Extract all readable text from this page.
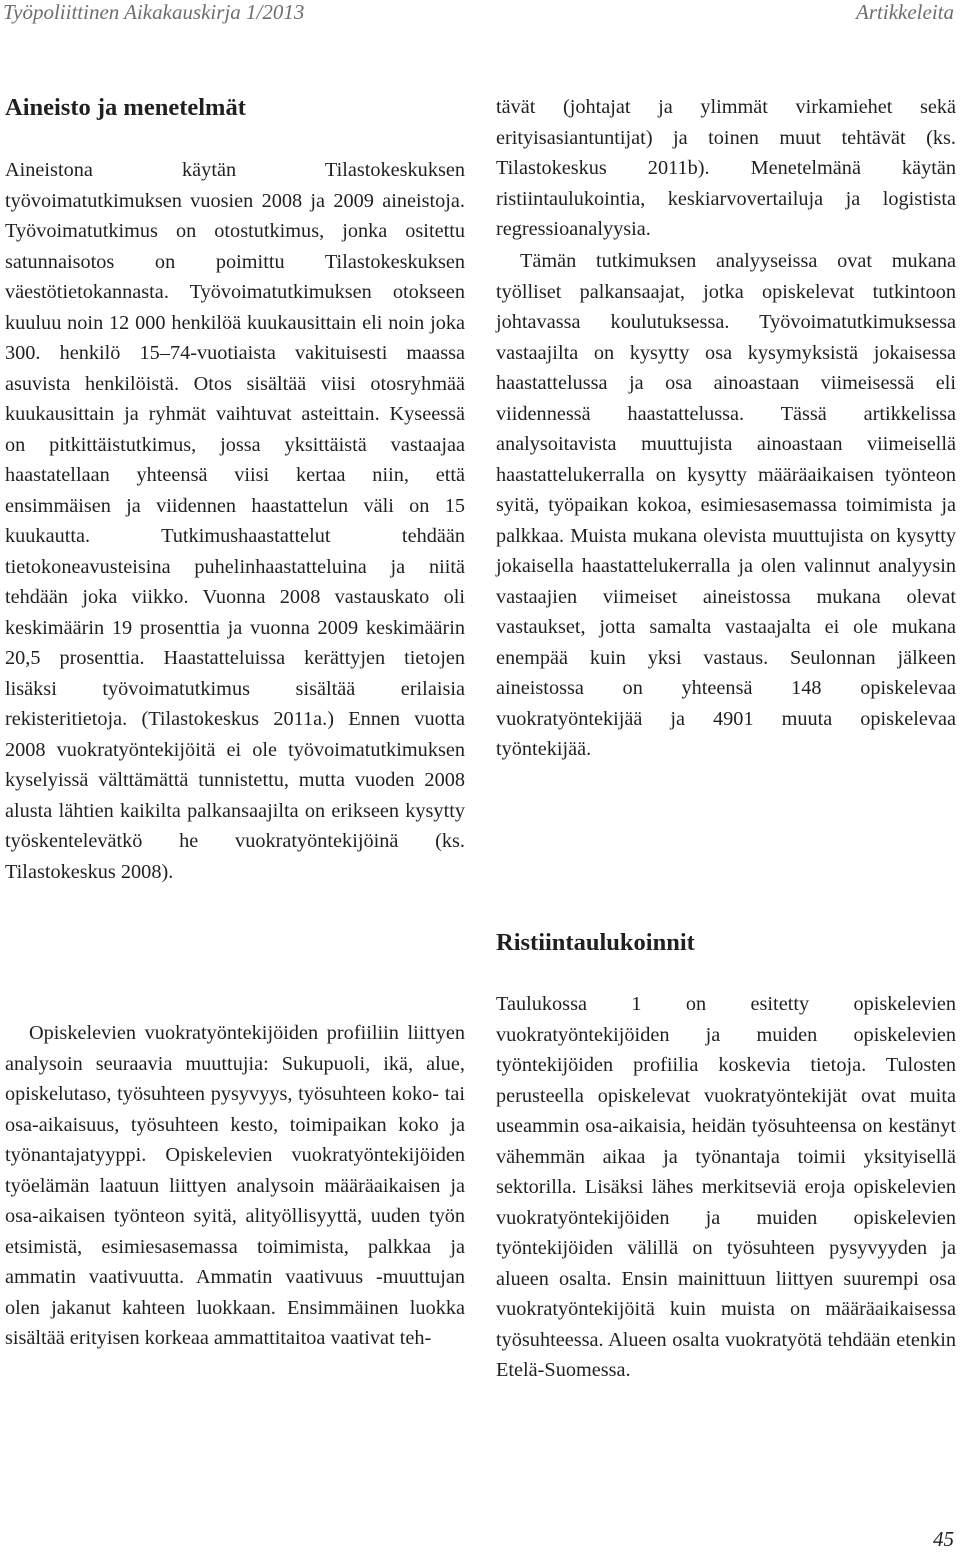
Työpoliittinen Aikakauskirja 1/2013	Artikkeleita
Aineisto ja menetelmät

Aineistona käytän Tilastokeskuksen työvoimatutkimuksen vuosien 2008 ja 2009 aineistoja. Työvoimatutkimus on otostutkimus, jonka ositettu satunnaisotos on poimittu Tilastokeskuksen väestötietokannasta. Työvoimatutkimuksen otokseen kuuluu noin 12 000 henkilöä kuukausittain eli noin joka 300. henkilö 15–74-vuotiaista vakituisesti maassa asuvista henkilöistä. Otos sisältää viisi otosryhmää kuukausittain ja ryhmät vaihtuvat asteittain. Kyseessä on pitkittäistutkimus, jossa yksittäistä vastaajaa haastatellaan yhteensä viisi kertaa niin, että ensimmäisen ja viidennen haastattelun väli on 15 kuukautta. Tutkimushaastattelut tehdään tietokoneavusteisina puhelinhaastatteluina ja niitä tehdään joka viikko. Vuonna 2008 vastauskato oli keskimäärin 19 prosenttia ja vuonna 2009 keskimäärin 20,5 prosenttia. Haastatteluissa kerättyjen tietojen lisäksi työvoimatutkimus sisältää erilaisia rekisteritietoja. (Tilastokeskus 2011a.) Ennen vuotta 2008 vuokratyöntekijöitä ei ole työvoimatutkimuksen kyselyissä välttämättä tunnistettu, mutta vuoden 2008 alusta lähtien kaikilta palkansaajilta on erikseen kysytty työskentelevätkö he vuokratyöntekijöinä (ks. Tilastokeskus 2008).

Opiskelevien vuokratyöntekijöiden profiiliin liittyen analysoin seuraavia muuttujia: Sukupuoli, ikä, alue, opiskelutaso, työsuhteen pysyvyys, työsuhteen koko- tai osa-aikaisuus, työsuhteen kesto, toimipaikan koko ja työnantajatyyppi. Opiskelevien vuokratyöntekijöiden työelämän laatuun liittyen analysoin määräaikaisen ja osa-aikaisen työnteon syitä, alityöllisyyttä, uuden työn etsimistä, esimiesasemassa toimimista, palkkaa ja ammatin vaativuutta. Ammatin vaativuus -muuttujan olen jakanut kahteen luokkaan. Ensimmäinen luokka sisältää erityisen korkeaa ammattitaitoa vaativat teh-

tävät (johtajat ja ylimmät virkamiehet sekä erityisasiantuntijat) ja toinen muut tehtävät (ks. Tilastokeskus 2011b). Menetelmänä käytän ristiintaulukointia, keskiarvovertailuja ja logistista regressioanalyysia.

Tämän tutkimuksen analyyseissa ovat mukana työlliset palkansaajat, jotka opiskelevat tutkintoon johtavassa koulutuksessa. Työvoimatutkimuksessa vastaajilta on kysytty osa kysymyksistä jokaisessa haastattelussa ja osa ainoastaan viimeisessä eli viidennessä haastattelussa. Tässä artikkelissa analysoitavista muuttujista ainoastaan viimeisellä haastattelukerralla on kysytty määräaikaisen työnteon syitä, työpaikan kokoa, esimiesasemassa toimimista ja palkkaa. Muista mukana olevista muuttujista on kysytty jokaisella haastattelukerralla ja olen valinnut analyysin vastaajien viimeiset aineistossa mukana olevat vastaukset, jotta samalta vastaajalta ei ole mukana enempää kuin yksi vastaus. Seulonnan jälkeen aineistossa on yhteensä 148 opiskelevaa vuokratyöntekijää ja 4901 muuta opiskelevaa työntekijää.

Ristiintaulukoinnit

Taulukossa 1 on esitetty opiskelevien vuokratyöntekijöiden ja muiden opiskelevien työntekijöiden profiilia koskevia tietoja. Tulosten perusteella opiskelevat vuokratyöntekijät ovat muita useammin osa-aikaisia, heidän työsuhteensa on kestänyt vähemmän aikaa ja työnantaja toimii yksityisellä sektorilla. Lisäksi lähes merkitseviä eroja opiskelevien vuokratyöntekijöiden ja muiden opiskelevien työntekijöiden välillä on työsuhteen pysyvyyden ja alueen osalta. Ensin mainittuun liittyen suurempi osa vuokratyöntekijöitä kuin muista on määräaikaisessa työsuhteessa. Alueen osalta vuokratyötä tehdään etenkin Etelä-Suomessa.

45
